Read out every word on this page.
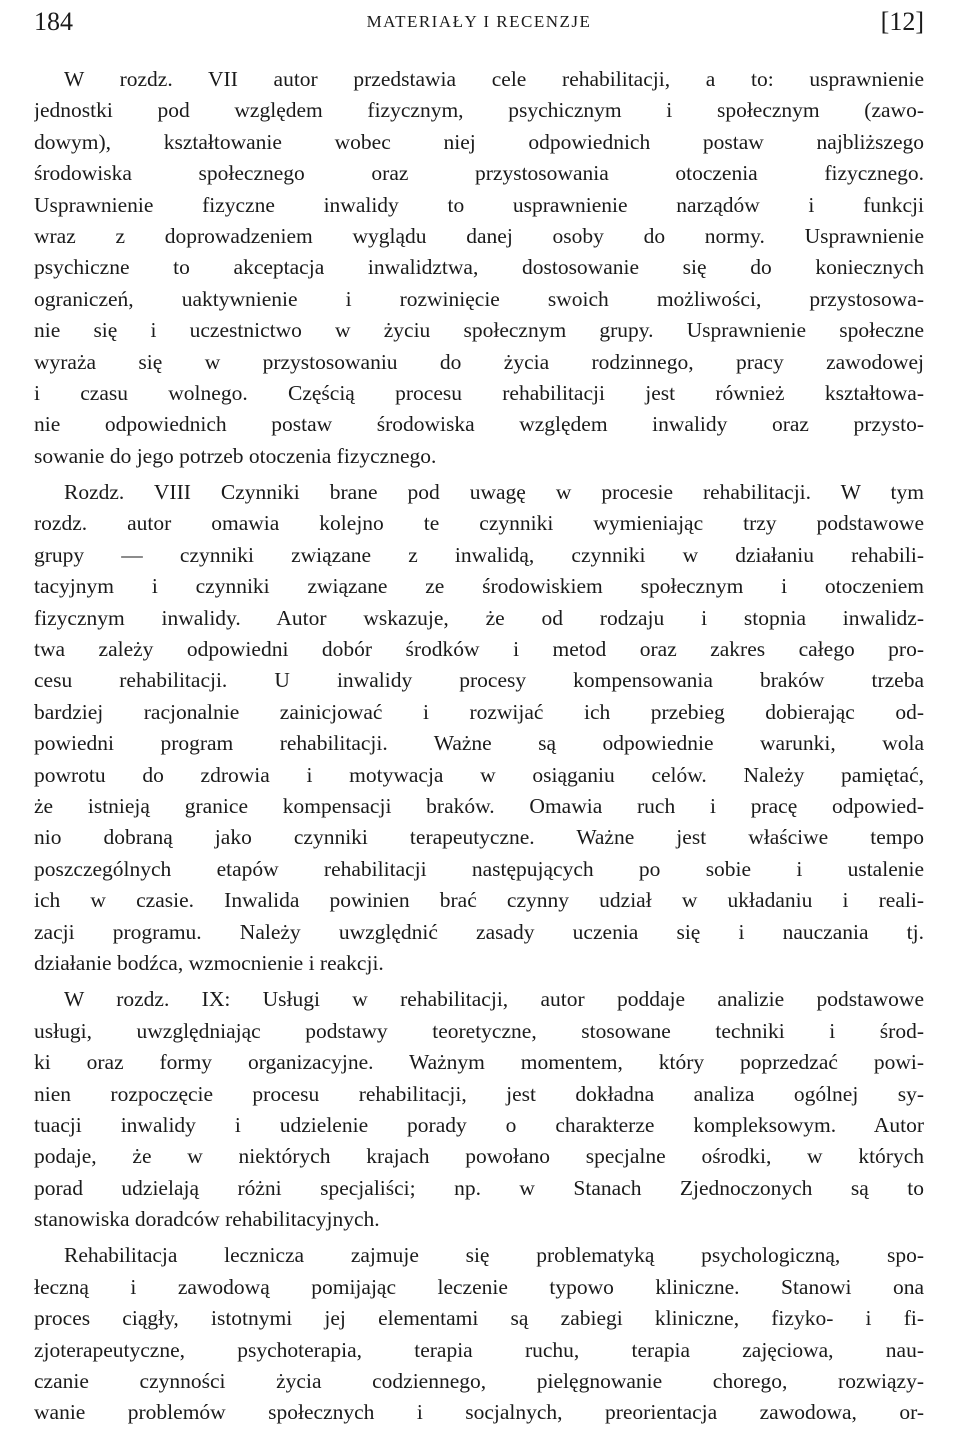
184	MATERIAŁY I RECENZJE	[12]
W rozdz. VII autor przedstawia cele rehabilitacji, a to: usprawnienie
jednostki pod względem fizycznym, psychicznym i społecznym (zawo-
dowym), kształtowanie wobec niej odpowiednich postaw najbliższego
środowiska społecznego oraz przystosowania otoczenia fizycznego.
Usprawnienie fizyczne inwalidy to usprawnienie narządów i funkcji
wraz z doprowadzeniem wyglądu danej osoby do normy. Usprawnienie
psychiczne to akceptacja inwalidztwa, dostosowanie się do koniecznych
ograniczeń, uaktywnienie i rozwinięcie swoich możliwości, przystosowa-
nie się i uczestnictwo w życiu społecznym grupy. Usprawnienie społeczne
wyraża się w przystosowaniu do życia rodzinnego, pracy zawodowej
i czasu wolnego. Częścią procesu rehabilitacji jest również kształtowa-
nie odpowiednich postaw środowiska względem inwalidy oraz przysto-
sowanie do jego potrzeb otoczenia fizycznego.
Rozdz. VIII Czynniki brane pod uwagę w procesie rehabilitacji. W tym
rozdz. autor omawia kolejno te czynniki wymieniając trzy podstawowe
grupy — czynniki związane z inwalidą, czynniki w działaniu rehabili-
tacyjnym i czynniki związane ze środowiskiem społecznym i otoczeniem
fizycznym inwalidy. Autor wskazuje, że od rodzaju i stopnia inwalidz-
twa zależy odpowiedni dobór środków i metod oraz zakres całego pro-
cesu rehabilitacji. U inwalidy procesy kompensowania braków trzeba
bardziej racjonalnie zainicjować i rozwijać ich przebieg dobierając od-
powiedni program rehabilitacji. Ważne są odpowiednie warunki, wola
powrotu do zdrowia i motywacja w osiąganiu celów. Należy pamiętać,
że istnieją granice kompensacji braków. Omawia ruch i pracę odpowied-
nio dobraną jako czynniki terapeutyczne. Ważne jest właściwe tempo
poszczególnych etapów rehabilitacji następujących po sobie i ustalenie
ich w czasie. Inwalida powinien brać czynny udział w układaniu i reali-
zacji programu. Należy uwzględnić zasady uczenia się i nauczania tj.
działanie bodźca, wzmocnienie i reakcji.
W rozdz. IX: Usługi w rehabilitacji, autor poddaje analizie podstawowe
usługi, uwzględniając podstawy teoretyczne, stosowane techniki i środ-
ki oraz formy organizacyjne. Ważnym momentem, który poprzedzać powi-
nien rozpoczęcie procesu rehabilitacji, jest dokładna analiza ogólnej sy-
tuacji inwalidy i udzielenie porady o charakterze kompleksowym. Autor
podaje, że w niektórych krajach powołano specjalne ośrodki, w których
porad udzielają różni specjaliści; np. w Stanach Zjednoczonych są to
stanowiska doradców rehabilitacyjnych.
Rehabilitacja lecznicza zajmuje się problematyką psychologiczną, spo-
łeczną i zawodową pomijając leczenie typowo kliniczne. Stanowi ona
proces ciągły, istotnymi jej elementami są zabiegi kliniczne, fizyko- i fi-
zjoterapeutyczne, psychoterapia, terapia ruchu, terapia zajęciowa, nau-
czanie czynności życia codziennego, pielęgnowanie chorego, rozwiązy-
wanie problemów społecznych i socjalnych, preorientacja zawodowa, or-
